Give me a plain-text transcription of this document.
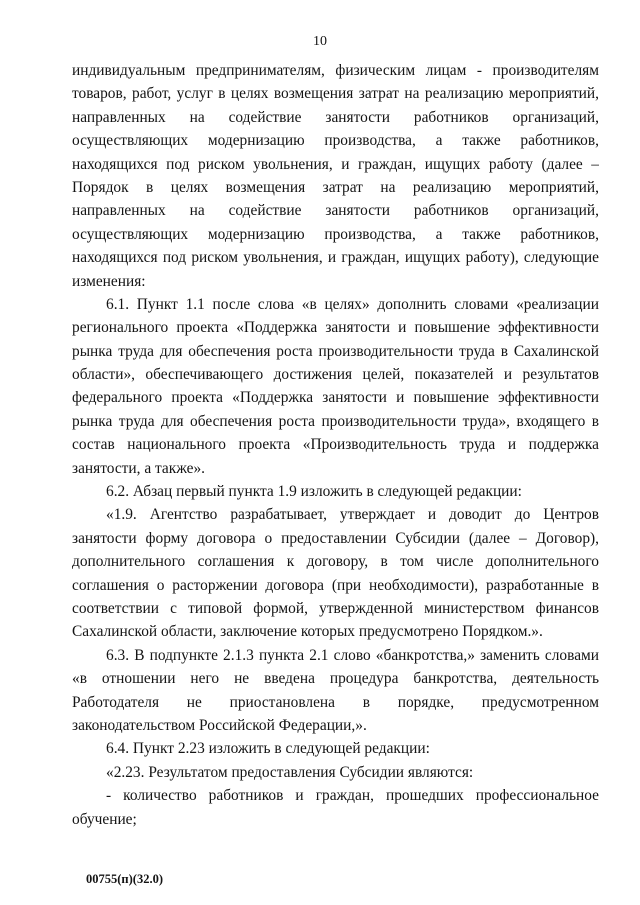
10
индивидуальным предпринимателям, физическим лицам - производителям
товаров, работ, услуг в целях возмещения затрат на реализацию мероприятий,
направленных на содействие занятости работников организаций,
осуществляющих модернизацию производства, а также работников,
находящихся под риском увольнения, и граждан, ищущих работу (далее –
Порядок в целях возмещения затрат на реализацию мероприятий,
направленных на содействие занятости работников организаций,
осуществляющих модернизацию производства, а также работников,
находящихся под риском увольнения, и граждан, ищущих работу), следующие
изменения:
6.1. Пункт 1.1 после слова «в целях» дополнить словами «реализации
регионального проекта «Поддержка занятости и повышение эффективности
рынка труда для обеспечения роста производительности труда в Сахалинской
области», обеспечивающего достижения целей, показателей и результатов
федерального проекта «Поддержка занятости и повышение эффективности
рынка труда для обеспечения роста производительности труда», входящего в
состав национального проекта «Производительность труда и поддержка
занятости, а также».
6.2. Абзац первый пункта 1.9 изложить в следующей редакции:
«1.9. Агентство разрабатывает, утверждает и доводит до Центров
занятости форму договора о предоставлении Субсидии (далее – Договор),
дополнительного соглашения к договору, в том числе дополнительного
соглашения о расторжении договора (при необходимости), разработанные в
соответствии с типовой формой, утвержденной министерством финансов
Сахалинской области, заключение которых предусмотрено Порядком.».
6.3. В подпункте 2.1.3 пункта 2.1 слово «банкротства,» заменить словами
«в отношении него не введена процедура банкротства, деятельность
Работодателя не приостановлена в порядке, предусмотренном
законодательством Российской Федерации,».
6.4. Пункт 2.23 изложить в следующей редакции:
«2.23. Результатом предоставления Субсидии являются:
- количество работников и граждан, прошедших профессиональное
обучение;
00755(п)(32.0)
